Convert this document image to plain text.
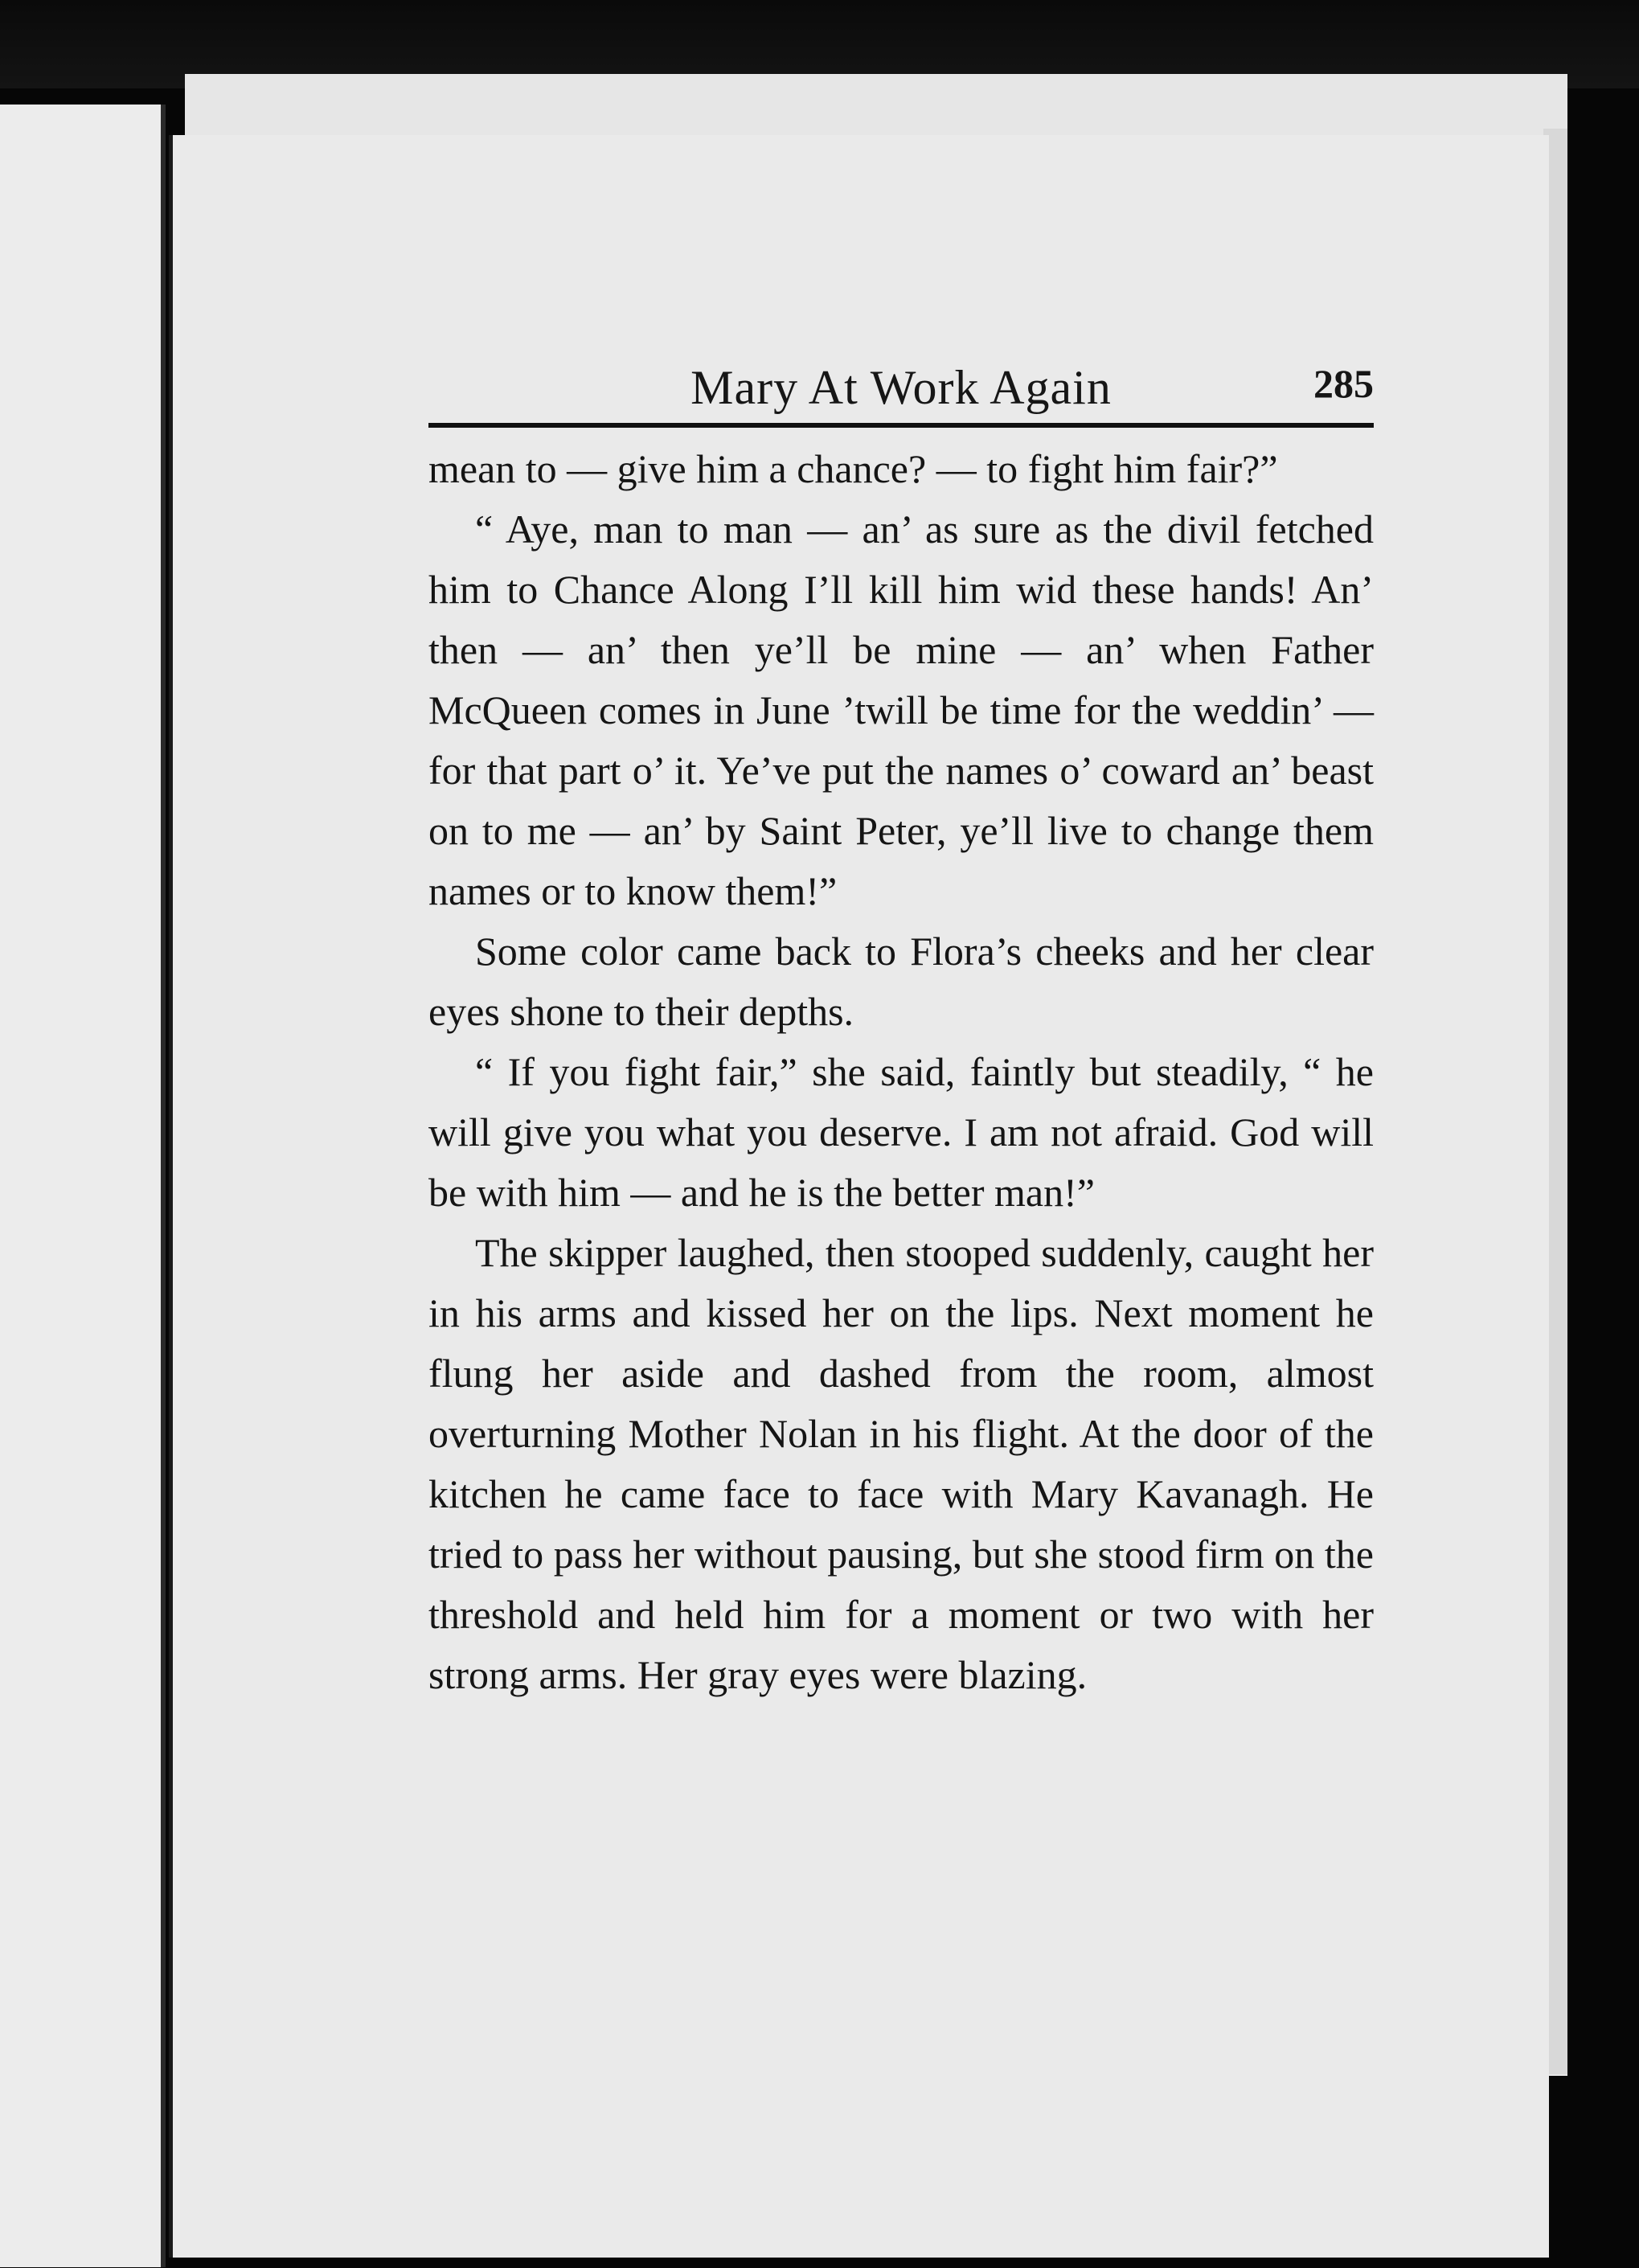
Mary At Work Again	285

mean to — give him a chance? — to fight him fair?”

“ Aye, man to man — an’ as sure as the divil fetched him to Chance Along I’ll kill him wid these hands! An’ then — an’ then ye’ll be mine — an’ when Father McQueen comes in June ’twill be time for the weddin’ — for that part o’ it. Ye’ve put the names o’ coward an’ beast on to me — an’ by Saint Peter, ye’ll live to change them names or to know them!”

Some color came back to Flora’s cheeks and her clear eyes shone to their depths.

“ If you fight fair,” she said, faintly but steadily, “ he will give you what you deserve. I am not afraid. God will be with him — and he is the better man!”

The skipper laughed, then stooped suddenly, caught her in his arms and kissed her on the lips. Next moment he flung her aside and dashed from the room, almost overturning Mother Nolan in his flight. At the door of the kitchen he came face to face with Mary Kavanagh. He tried to pass her without pausing, but she stood firm on the threshold and held him for a moment or two with her strong arms. Her gray eyes were blazing.
